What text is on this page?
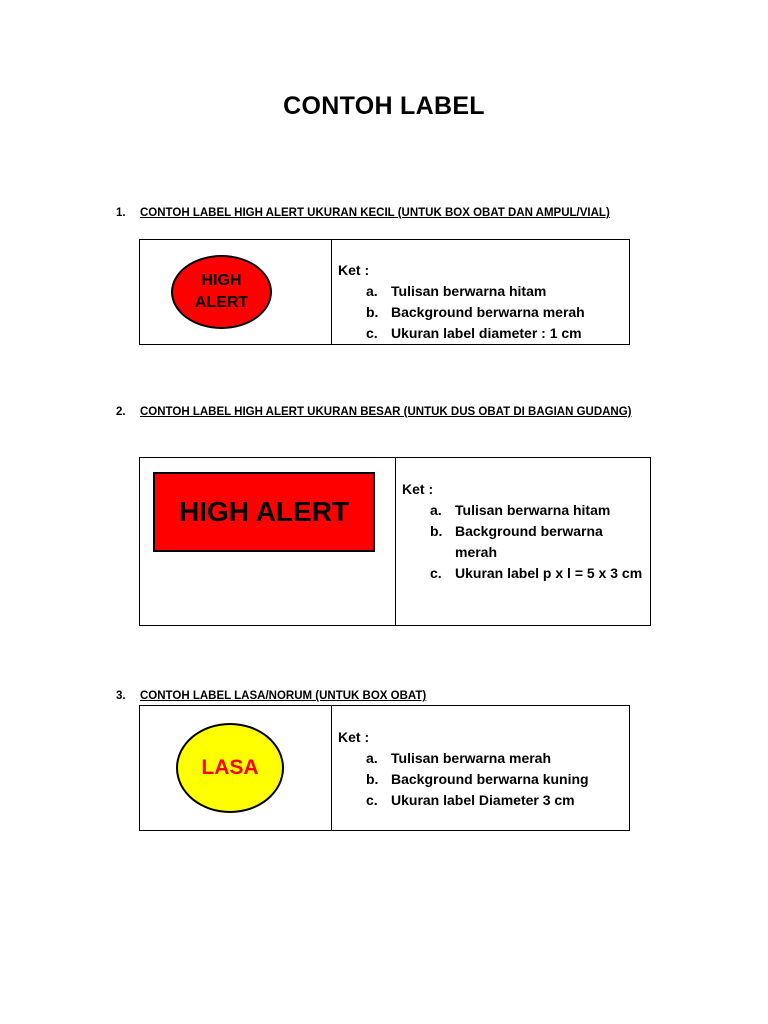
CONTOH LABEL
1. CONTOH LABEL HIGH ALERT UKURAN KECIL (UNTUK BOX OBAT DAN AMPUL/VIAL)
HIGH
ALERT
Ket :
a. Tulisan berwarna hitam
b. Background berwarna merah
c. Ukuran label diameter : 1 cm
2. CONTOH LABEL HIGH ALERT UKURAN BESAR (UNTUK DUS OBAT DI BAGIAN GUDANG)
HIGH ALERT
Ket :
a. Tulisan berwarna hitam
b. Background berwarna merah
c. Ukuran label p x l = 5 x 3 cm
3. CONTOH LABEL LASA/NORUM (UNTUK BOX OBAT)
LASA
Ket :
a. Tulisan berwarna merah
b. Background berwarna kuning
c. Ukuran label Diameter 3 cm
